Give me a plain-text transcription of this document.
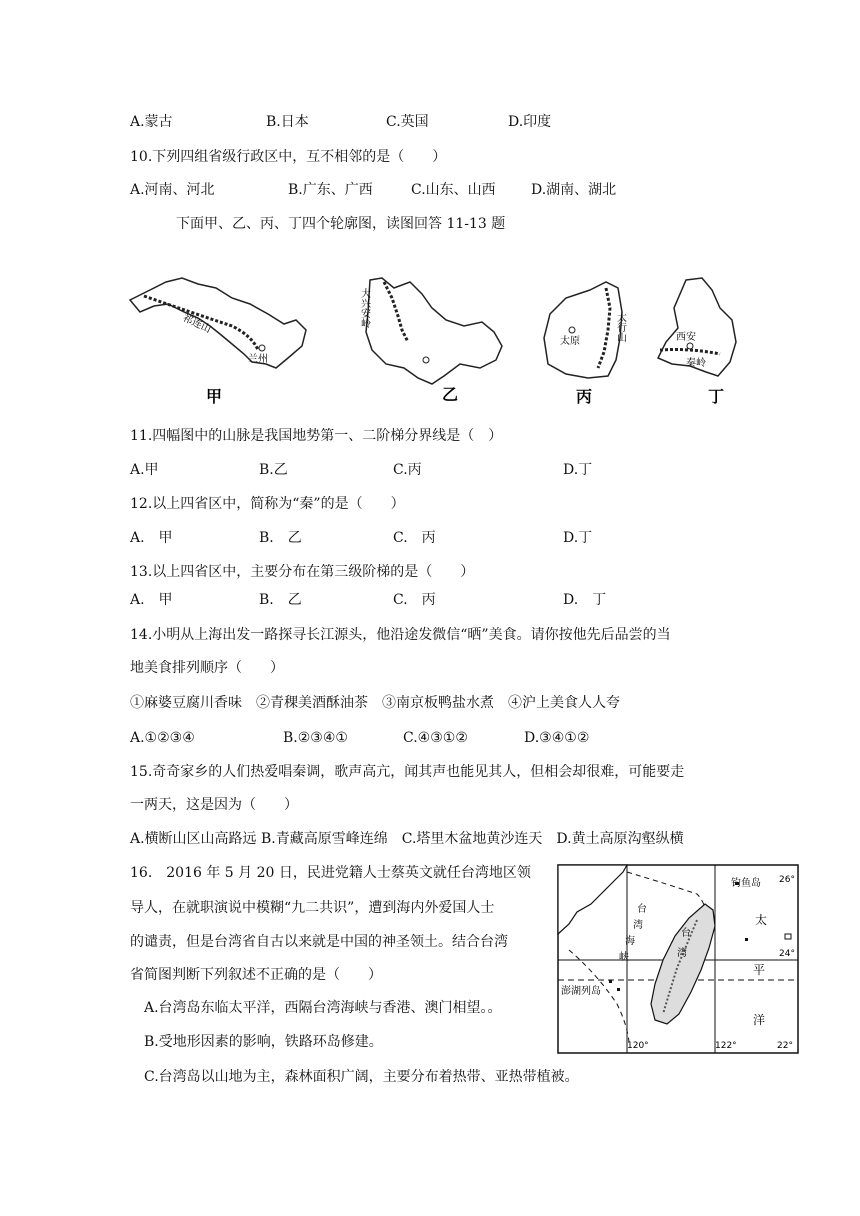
A.蒙古	B.日本	C.英国	D.印度
10.下列四组省级行政区中，互不相邻的是（　　）
A.河南、河北	B.广东、广西	C.山东、山西	D.湖南、湖北
下面甲、乙、丙、丁四个轮廓图，读图回答 11-13 题
祁连山
兰州
甲
大兴安岭
乙
太行山
太原
丙
西安
秦岭
丁
11.四幅图中的山脉是我国地势第一、二阶梯分界线是（　）
A.甲	B.乙	C.丙	D.丁
12.以上四省区中，简称为“秦”的是（　　）
A.　甲	B.　乙	C.　丙	D.丁
13.以上四省区中，主要分布在第三级阶梯的是（　　）
A.　甲	B.　乙	C.　丙	D.　丁
14.小明从上海出发一路探寻长江源头，他沿途发微信“晒”美食。请你按他先后品尝的当
地美食排列顺序（　　）
①麻婆豆腐川香味　②青稞美酒酥油茶　③南京板鸭盐水煮　④沪上美食人人夸
A.①②③④	B.②③④①	C.④③①②	D.③④①②
15.奇奇家乡的人们热爱唱秦调，歌声高亢，闻其声也能见其人，但相会却很难，可能要走
一两天，这是因为（　　）
A.横断山区山高路远 B.青藏高原雪峰连绵　C.塔里木盆地黄沙连天　D.黄土高原沟壑纵横
16.　2016 年 5 月 20 日，民进党籍人士蔡英文就任台湾地区领
导人，在就职演说中模糊“九二共识”，遭到海内外爱国人士
的谴责，但是台湾省自古以来就是中国的神圣领土。结合台湾
省简图判断下列叙述不正确的是（　　）
A.台湾岛东临太平洋，西隔台湾海峡与香港、澳门相望。。
B.受地形因素的影响，铁路环岛修建。
C.台湾岛以山地为主，森林面积广阔，主要分布着热带、亚热带植被。
钓鱼岛 26°
24°
22°
120°	122°
澎湖列岛
台
湾
海
峡
台
湾
太
平
洋
